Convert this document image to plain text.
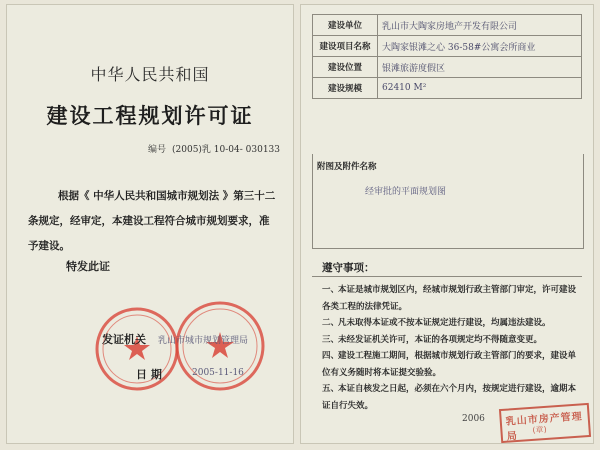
中华人民共和国
建设工程规划许可证
编号 (2005)乳 10-04- 030133
根据《 中华人民共和国城市规划法 》第三十二条规定，经审定，本建设工程符合城市规划要求，准予建设。
特发此证
发证机关 乳山市城市规划管理局
日 期	2005-11-16
建设单位	乳山市大陶家房地产开发有限公司
建设项目名称	大陶家银滩之心 36-58#公寓会所商业
建设位置	银滩旅游度假区
建设规模	62410 M²
附图及附件名称
经审批的平面规划图
遵守事项：
一、本证是城市规划区内，经城市规划行政主管部门审定，许可建设各类工程的法律凭证。
二、凡未取得本证或不按本证规定进行建设，均属违法建设。
三、未经发证机关许可，本证的各项规定均不得随意变更。
四、建设工程施工期间，根据城市规划行政主管部门的要求，建设单位有义务随时将本证提交验验。
五、本证自核发之日起，必须在六个月内，按规定进行建设，逾期本证自行失效。
2006 乳山市房产管理局
(章)
